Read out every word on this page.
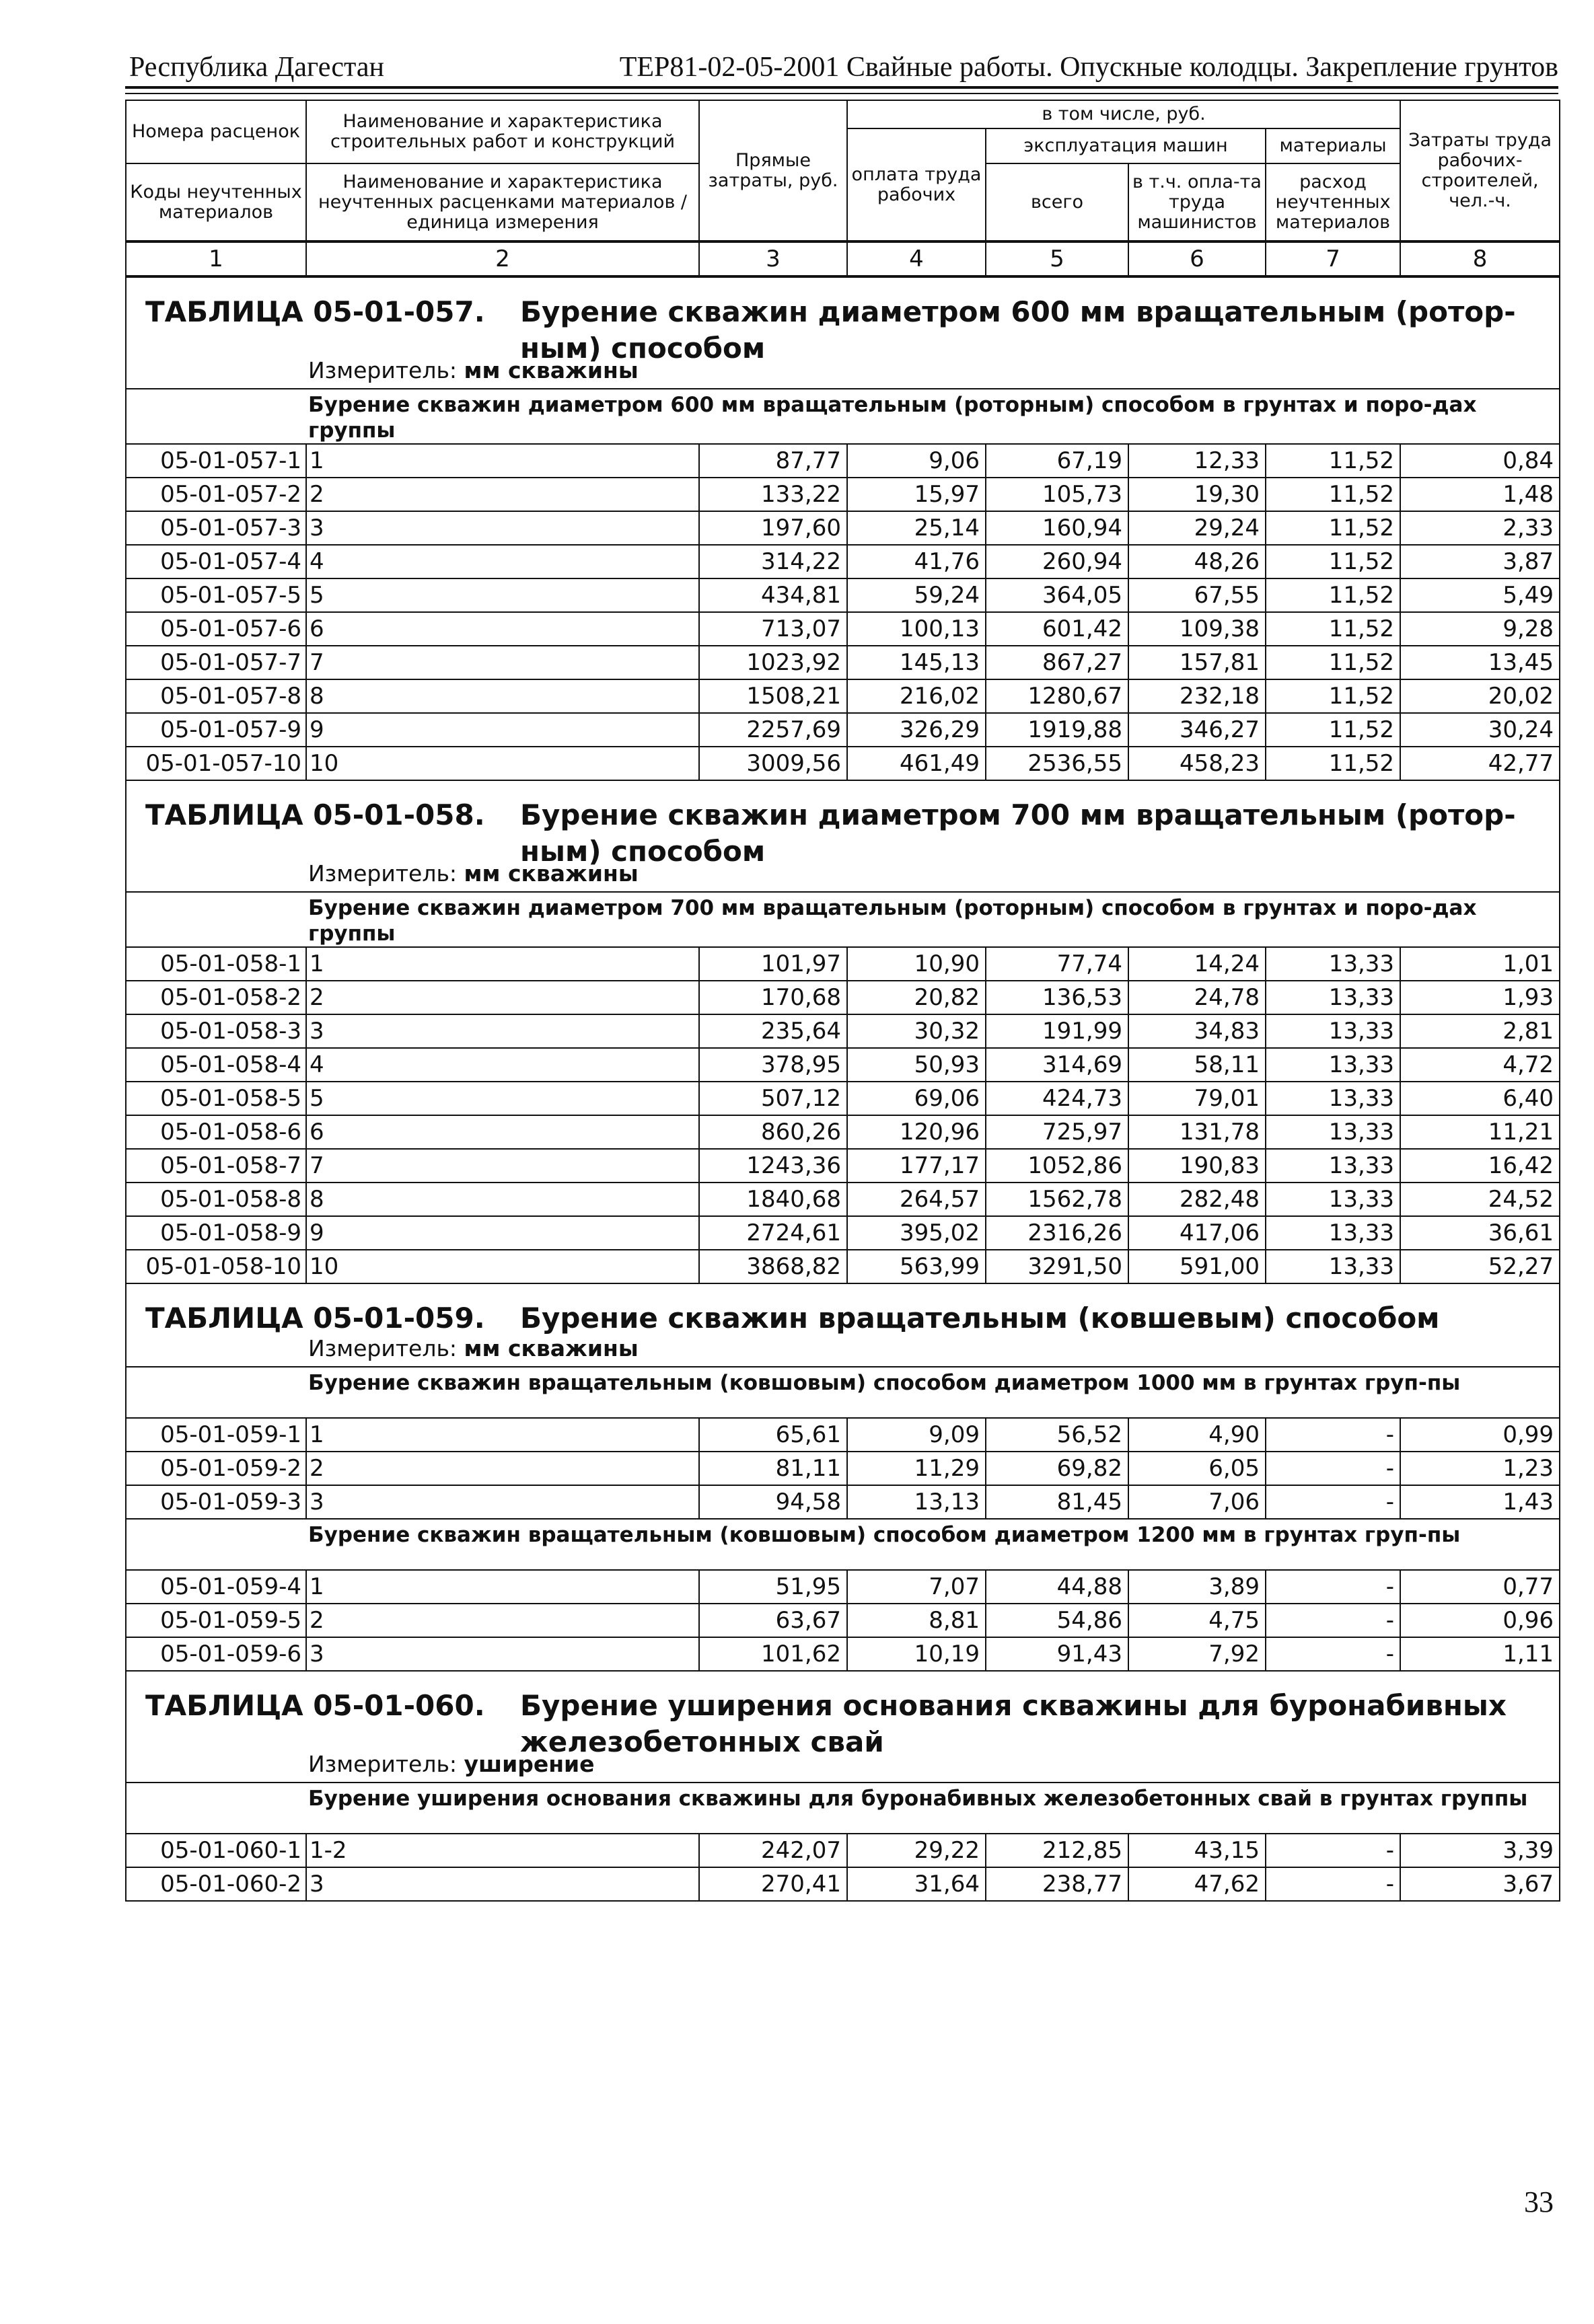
Республика Дагестан	ТЕР81-02-05-2001 Свайные работы. Опускные колодцы. Закрепление грунтов
Номера расценок	Наименование и характеристика строительных работ и конструкций	Прямые затраты, руб.	в том числе, руб.				Затраты труда рабочих-строителей, чел.-ч.
			оплата труда рабочих	эксплуатация машин		материалы	
Коды неучтенных материалов	Наименование и характеристика неучтенных расценками материалов / единица измерения			всего	в т.ч. опла-та труда машинистов	расход неучтенных материалов	

1	2	3	4	5	6	7	8

ТАБЛИЦА 05-01-057. Бурение скважин диаметром 600 мм вращательным (ротор-ным) способом
Измеритель: мм скважины							

Бурение скважин диаметром 600 мм вращательным (роторным) способом в грунтах и поро-дах группы							

05-01-057-1	1	87,77	9,06	67,19	12,33	11,52	0,84
05-01-057-2	2	133,22	15,97	105,73	19,30	11,52	1,48
05-01-057-3	3	197,60	25,14	160,94	29,24	11,52	2,33
05-01-057-4	4	314,22	41,76	260,94	48,26	11,52	3,87
05-01-057-5	5	434,81	59,24	364,05	67,55	11,52	5,49
05-01-057-6	6	713,07	100,13	601,42	109,38	11,52	9,28
05-01-057-7	7	1023,92	145,13	867,27	157,81	11,52	13,45
05-01-057-8	8	1508,21	216,02	1280,67	232,18	11,52	20,02
05-01-057-9	9	2257,69	326,29	1919,88	346,27	11,52	30,24
05-01-057-10	10	3009,56	461,49	2536,55	458,23	11,52	42,77

ТАБЛИЦА 05-01-058. Бурение скважин диаметром 700 мм вращательным (ротор-ным) способом
Измеритель: мм скважины							

Бурение скважин диаметром 700 мм вращательным (роторным) способом в грунтах и поро-дах группы							

05-01-058-1	1	101,97	10,90	77,74	14,24	13,33	1,01
05-01-058-2	2	170,68	20,82	136,53	24,78	13,33	1,93
05-01-058-3	3	235,64	30,32	191,99	34,83	13,33	2,81
05-01-058-4	4	378,95	50,93	314,69	58,11	13,33	4,72
05-01-058-5	5	507,12	69,06	424,73	79,01	13,33	6,40
05-01-058-6	6	860,26	120,96	725,97	131,78	13,33	11,21
05-01-058-7	7	1243,36	177,17	1052,86	190,83	13,33	16,42
05-01-058-8	8	1840,68	264,57	1562,78	282,48	13,33	24,52
05-01-058-9	9	2724,61	395,02	2316,26	417,06	13,33	36,61
05-01-058-10	10	3868,82	563,99	3291,50	591,00	13,33	52,27

ТАБЛИЦА 05-01-059. Бурение скважин вращательным (ковшевым) способом
Измеритель: мм скважины							

Бурение скважин вращательным (ковшовым) способом диаметром 1000 мм в грунтах груп-пы							

05-01-059-1	1	65,61	9,09	56,52	4,90	-	0,99
05-01-059-2	2	81,11	11,29	69,82	6,05	-	1,23
05-01-059-3	3	94,58	13,13	81,45	7,06	-	1,43

Бурение скважин вращательным (ковшовым) способом диаметром 1200 мм в грунтах груп-пы							

05-01-059-4	1	51,95	7,07	44,88	3,89	-	0,77
05-01-059-5	2	63,67	8,81	54,86	4,75	-	0,96
05-01-059-6	3	101,62	10,19	91,43	7,92	-	1,11

ТАБЛИЦА 05-01-060. Бурение уширения основания скважины для буронабивных железобетонных свай
Измеритель: уширение							

Бурение уширения основания скважины для буронабивных железобетонных свай в грунтах группы							

05-01-060-1	1-2	242,07	29,22	212,85	43,15	-	3,39
05-01-060-2	3	270,41	31,64	238,77	47,62	-	3,67
33
